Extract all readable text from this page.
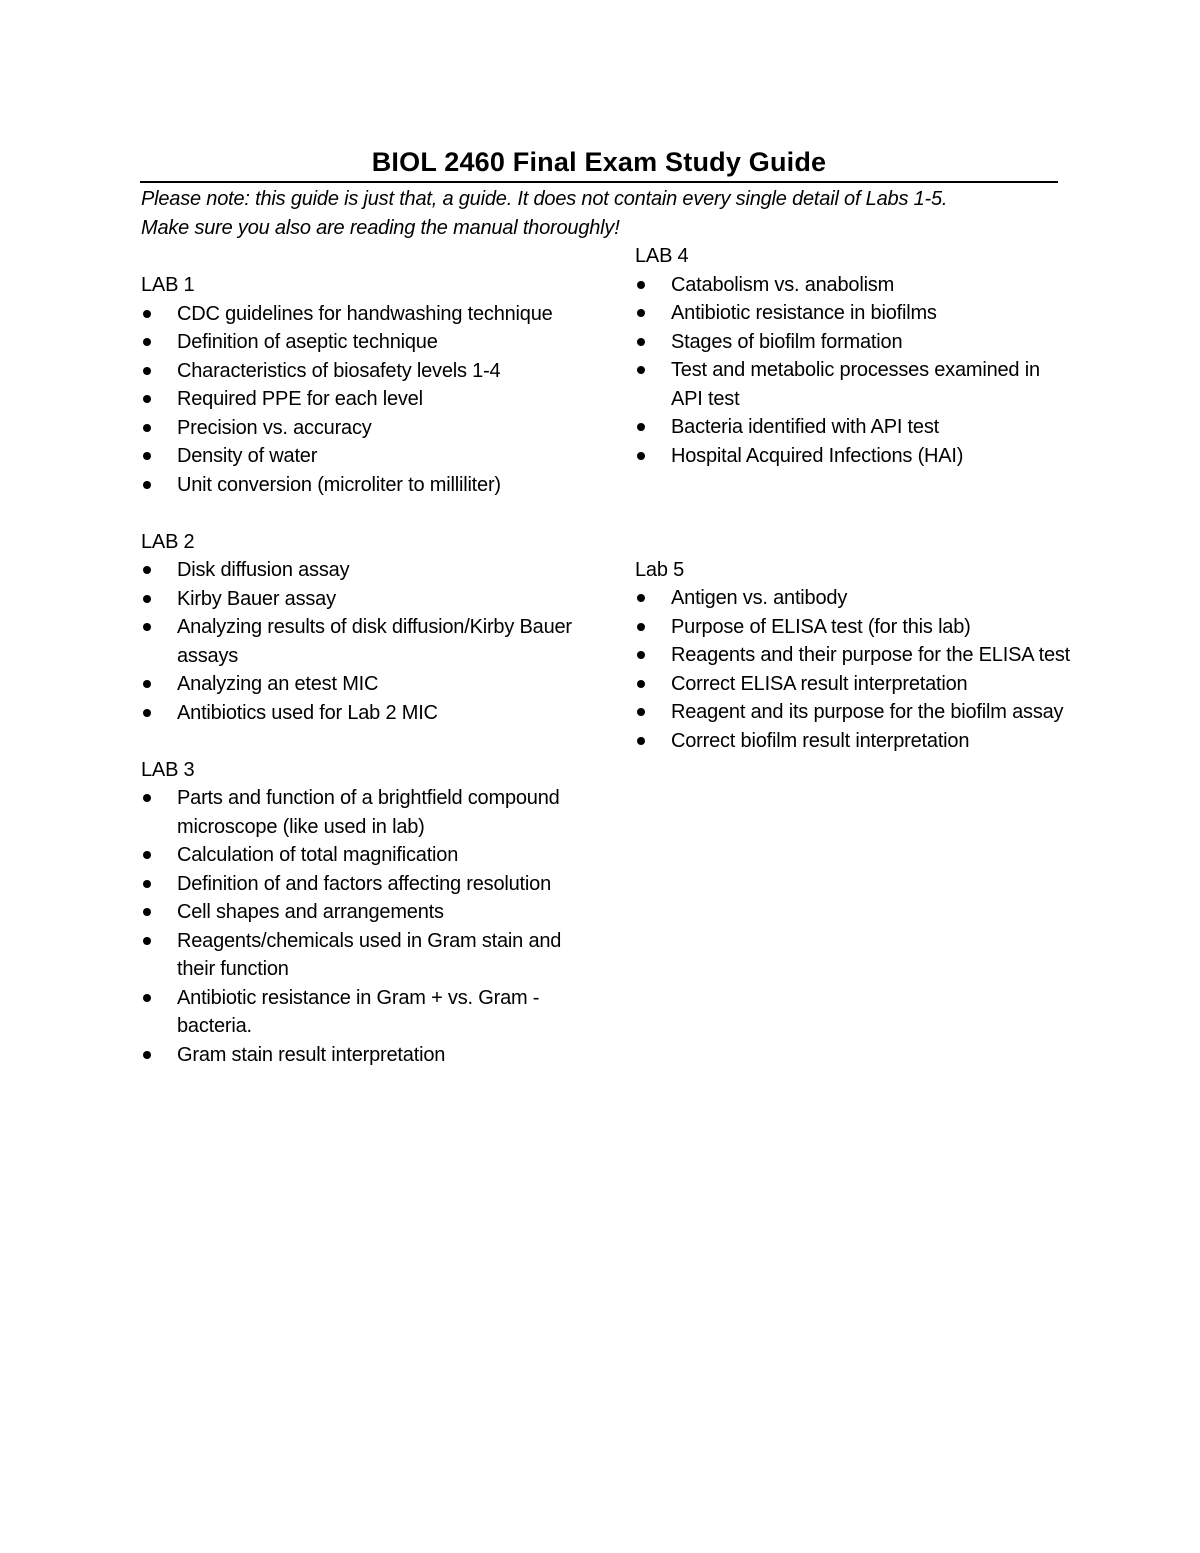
BIOL 2460 Final Exam Study Guide

Please note: this guide is just that, a guide. It does not contain every single detail of Labs 1-5.

Make sure you also are reading the manual thoroughly!

LAB 1
CDC guidelines for handwashing technique
Definition of aseptic technique
Characteristics of biosafety levels 1-4
Required PPE for each level
Precision vs. accuracy
Density of water
Unit conversion (microliter to milliliter)
LAB 2
Disk diffusion assay
Kirby Bauer assay
Analyzing results of disk diffusion/Kirby Bauer assays
Analyzing an etest MIC
Antibiotics used for Lab 2 MIC
LAB 3
Parts and function of a brightfield compound microscope (like used in lab)
Calculation of total magnification
Definition of and factors affecting resolution
Cell shapes and arrangements
Reagents/chemicals used in Gram stain and their function
Antibiotic resistance in Gram + vs. Gram - bacteria.
Gram stain result interpretation
LAB 4
Catabolism vs. anabolism
Antibiotic resistance in biofilms
Stages of biofilm formation
Test and metabolic processes examined in API test
Bacteria identified with API test
Hospital Acquired Infections (HAI)
Lab 5
Antigen vs. antibody
Purpose of ELISA test (for this lab)
Reagents and their purpose for the ELISA test
Correct ELISA result interpretation
Reagent and its purpose for the biofilm assay
Correct biofilm result interpretation
